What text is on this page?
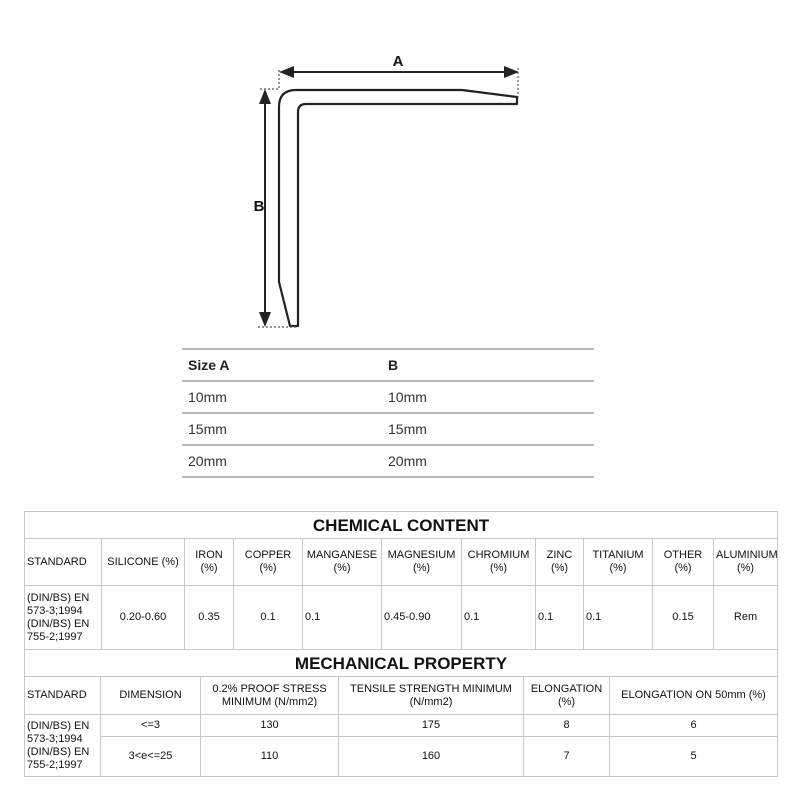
A
B
Size A	B
10mm	10mm
15mm	15mm
20mm	20mm
CHEMICAL CONTENT										
STANDARD	SILICONE (%)	IRON (%)	COPPER (%)	MANGANESE (%)	MAGNESIUM (%)	CHROMIUM (%)	ZINC (%)	TITANIUM (%)	OTHER (%)	ALUMINIUM (%)
(DIN/BS) EN 573-3;1994 (DIN/BS) EN 755-2;1997	0.20-0.60	0.35	0.1	0.1	0.45-0.90	0.1	0.1	0.1	0.15	Rem
MECHANICAL PROPERTY					
STANDARD	DIMENSION	0.2% PROOF STRESS MINIMUM (N/mm2)	TENSILE STRENGTH MINIMUM (N/mm2)	ELONGATION (%)	ELONGATION ON 50mm (%)
(DIN/BS) EN 573-3;1994 (DIN/BS) EN 755-2;1997	<=3	130	175	8	6
	3<e<=25	110	160	7	5
